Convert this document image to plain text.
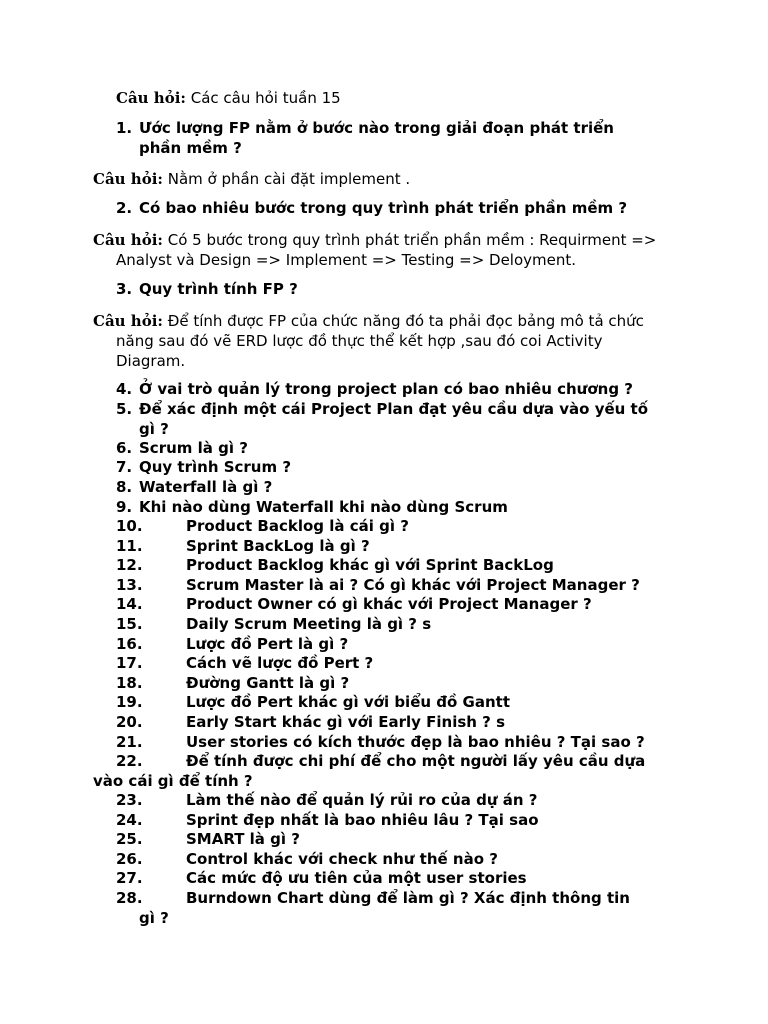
Câu hỏi: Các câu hỏi tuần 15
1. Ước lượng FP nằm ở bước nào trong giải đoạn phát triển
phần mềm ?
Câu hỏi: Nằm ở phần cài đặt implement .
2. Có bao nhiêu bước trong quy trình phát triển phần mềm ?
Câu hỏi: Có 5 bước trong quy trình phát triển phần mềm : Requirment =>
Analyst và Design => Implement => Testing => Deloyment.
3. Quy trình tính FP ?
Câu hỏi: Để tính được FP của chức năng đó ta phải đọc bảng mô tả chức
năng sau đó vẽ ERD lược đồ thực thể kết hợp ,sau đó coi Activity
Diagram.
4. Ở vai trò quản lý trong project plan có bao nhiêu chương ?
5. Để xác định một cái Project Plan đạt yêu cầu dựa vào yếu tố
gì ?
6. Scrum là gì ?
7. Quy trình Scrum ?
8. Waterfall là gì ?
9. Khi nào dùng Waterfall khi nào dùng Scrum
10.	Product Backlog là cái gì ?
11.	Sprint BackLog là gì ?
12.	Product Backlog khác gì với Sprint BackLog
13.	Scrum Master là ai ? Có gì khác với Project Manager ?
14.	Product Owner có gì khác với Project Manager ?
15.	Daily Scrum Meeting là gì ? s
16.	Lược đồ Pert là gì ?
17.	Cách vẽ lược đồ Pert ?
18.	Đường Gantt là gì ?
19.	Lược đồ Pert khác gì với biểu đồ Gantt
20.	Early Start khác gì với Early Finish ? s
21.	User stories có kích thước đẹp là bao nhiêu ? Tại sao ?
22.	Để tính được chi phí để cho một người lấy yêu cầu dựa
vào cái gì để tính ?
23.	Làm thế nào để quản lý rủi ro của dự án ?
24.	Sprint đẹp nhất là bao nhiêu lâu ? Tại sao
25.	SMART là gì ?
26.	Control khác với check như thế nào ?
27.	Các mức độ ưu tiên của một user stories
28.	Burndown Chart dùng để làm gì ? Xác định thông tin
gì ?
